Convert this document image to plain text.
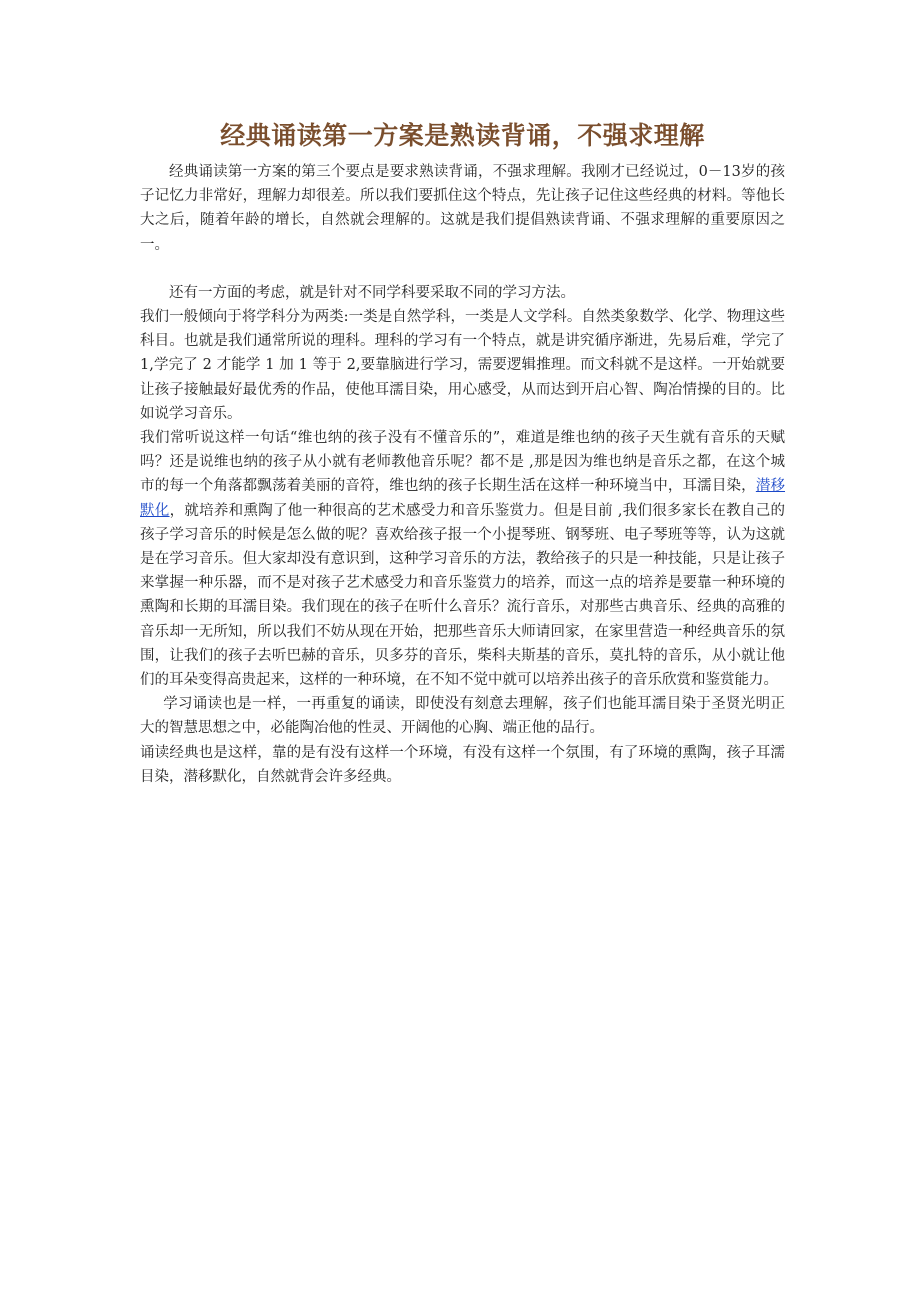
经典诵读第一方案是熟读背诵，不强求理解

经典诵读第一方案的第三个要点是要求熟读背诵，不强求理解。我刚才已经说过，0－13岁的孩子记忆力非常好，理解力却很差。所以我们要抓住这个特点，先让孩子记住这些经典的材料。等他长大之后，随着年龄的增长，自然就会理解的。这就是我们提倡熟读背诵、不强求理解的重要原因之一。

还有一方面的考虑，就是针对不同学科要采取不同的学习方法。

我们一般倾向于将学科分为两类:一类是自然学科，一类是人文学科。自然类象数学、化学、物理这些科目。也就是我们通常所说的理科。理科的学习有一个特点，就是讲究循序渐进，先易后难，学完了 1,学完了 2 才能学 1 加 1 等于 2,要靠脑进行学习，需要逻辑推理。而文科就不是这样。一开始就要让孩子接触最好最优秀的作品，使他耳濡目染，用心感受，从而达到开启心智、陶冶情操的目的。比如说学习音乐。

我们常听说这样一句话“维也纳的孩子没有不懂音乐的”，难道是维也纳的孩子天生就有音乐的天赋吗？还是说维也纳的孩子从小就有老师教他音乐呢？都不是 ,那是因为维也纳是音乐之都，在这个城市的每一个角落都飘荡着美丽的音符，维也纳的孩子长期生活在这样一种环境当中，耳濡目染，潜移默化，就培养和熏陶了他一种很高的艺术感受力和音乐鉴赏力。但是目前 ,我们很多家长在教自己的孩子学习音乐的时候是怎么做的呢？喜欢给孩子报一个小提琴班、钢琴班、电子琴班等等，认为这就是在学习音乐。但大家却没有意识到，这种学习音乐的方法，教给孩子的只是一种技能，只是让孩子来掌握一种乐器，而不是对孩子艺术感受力和音乐鉴赏力的培养，而这一点的培养是要靠一种环境的熏陶和长期的耳濡目染。我们现在的孩子在听什么音乐？流行音乐，对那些古典音乐、经典的高雅的音乐却一无所知，所以我们不妨从现在开始，把那些音乐大师请回家，在家里营造一种经典音乐的氛围，让我们的孩子去听巴赫的音乐，贝多芬的音乐，柴科夫斯基的音乐，莫扎特的音乐，从小就让他们的耳朵变得高贵起来，这样的一种环境，在不知不觉中就可以培养出孩子的音乐欣赏和鉴赏能力。

学习诵读也是一样，一再重复的诵读，即使没有刻意去理解，孩子们也能耳濡目染于圣贤光明正大的智慧思想之中，必能陶冶他的性灵、开阔他的心胸、端正他的品行。

诵读经典也是这样，靠的是有没有这样一个环境，有没有这样一个氛围，有了环境的熏陶，孩子耳濡目染，潜移默化，自然就背会许多经典。
